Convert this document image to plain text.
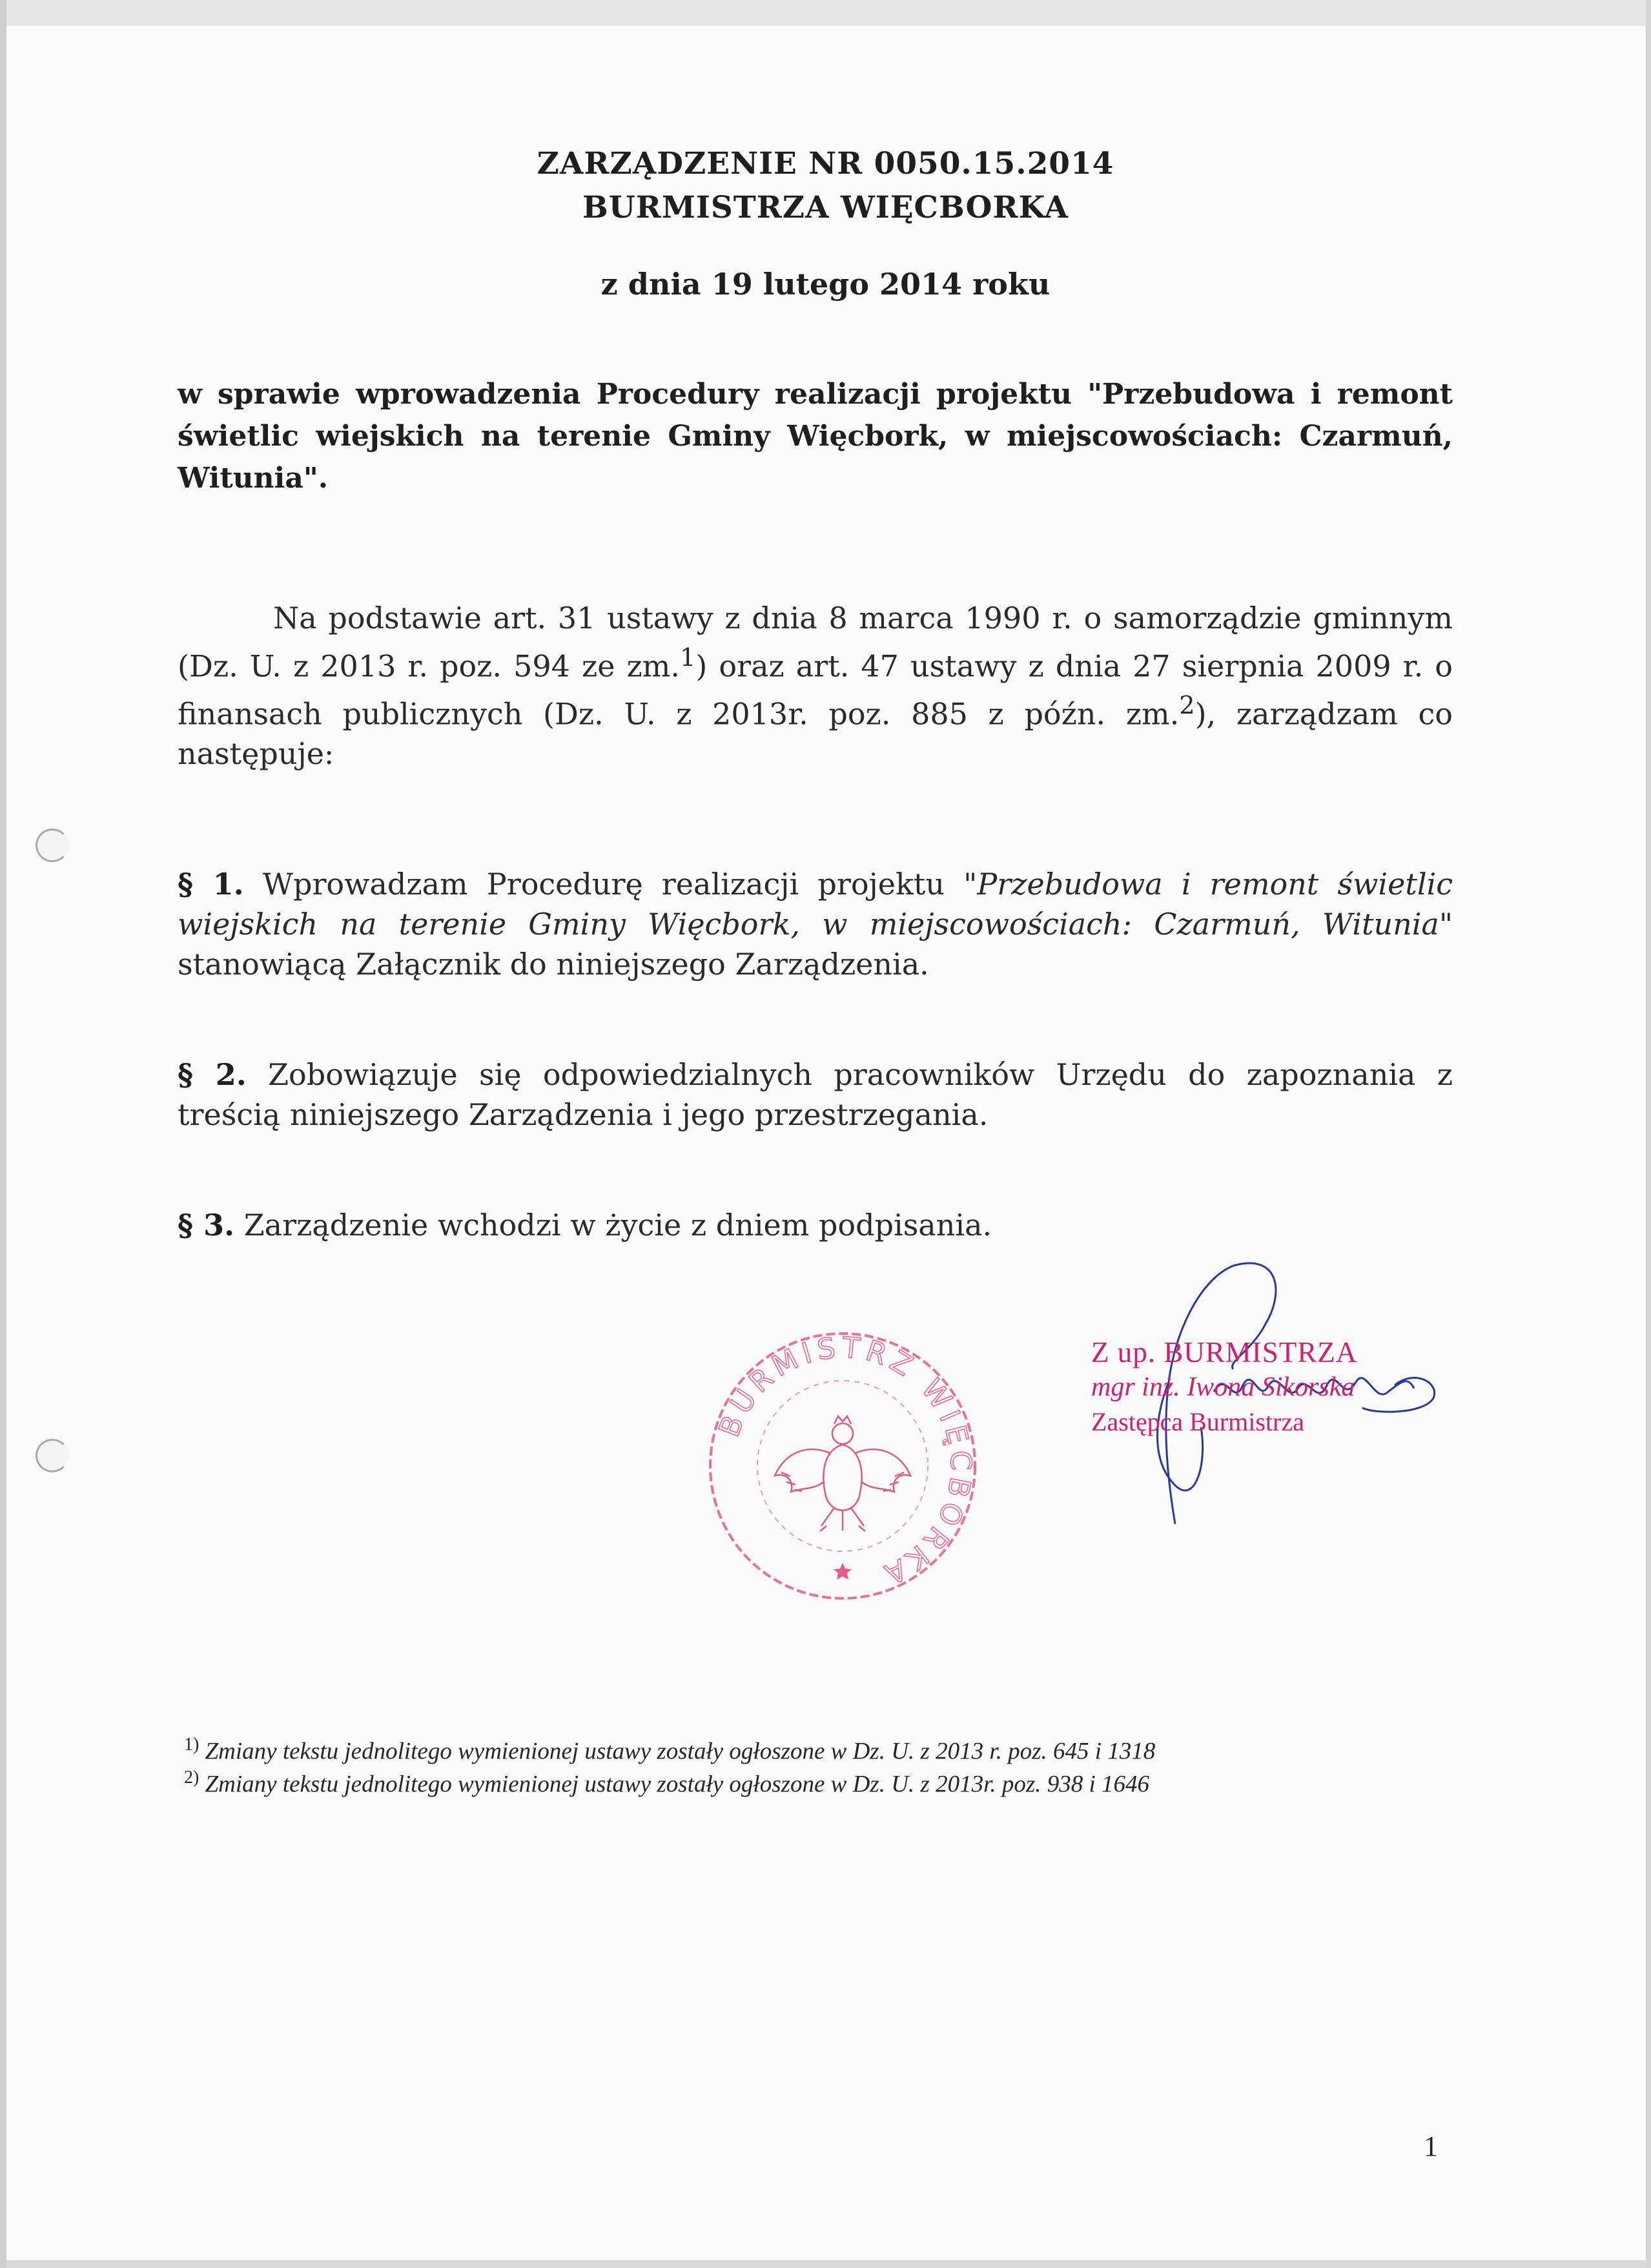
ZARZĄDZENIE NR 0050.15.2014
BURMISTRZA WIĘCBORKA
z dnia 19 lutego 2014 roku
w sprawie wprowadzenia Procedury realizacji projektu "Przebudowa i remont świetlic wiejskich na terenie Gminy Więcbork, w miejscowościach: Czarmuń, Witunia".
Na podstawie art. 31 ustawy z dnia 8 marca 1990 r. o samorządzie gminnym (Dz. U. z 2013 r. poz. 594 ze zm.$^1$) oraz art. 47 ustawy z dnia 27 sierpnia 2009 r. o finansach publicznych (Dz. U. z 2013r. poz. 885 z późn. zm.$^2$), zarządzam co następuje:
§ 1. Wprowadzam Procedurę realizacji projektu "Przebudowa i remont świetlic wiejskich na terenie Gminy Więcbork, w miejscowościach: Czarmuń, Witunia" stanowiącą Załącznik do niniejszego Zarządzenia.
§ 2. Zobowiązuje się odpowiedzialnych pracowników Urzędu do zapoznania z treścią niniejszego Zarządzenia i jego przestrzegania.
§ 3. Zarządzenie wchodzi w życie z dniem podpisania.
BURMISTRZ WIĘCBORKA
Z up. BURMISTRZA
mgr inż. Iwona Sikorska
Zastępca Burmistrza
$^{1)}$ Zmiany tekstu jednolitego wymienionej ustawy zostały ogłoszone w Dz. U. z 2013 r. poz. 645 i 1318
$^{2)}$ Zmiany tekstu jednolitego wymienionej ustawy zostały ogłoszone w Dz. U. z 2013r. poz. 938 i 1646
1
